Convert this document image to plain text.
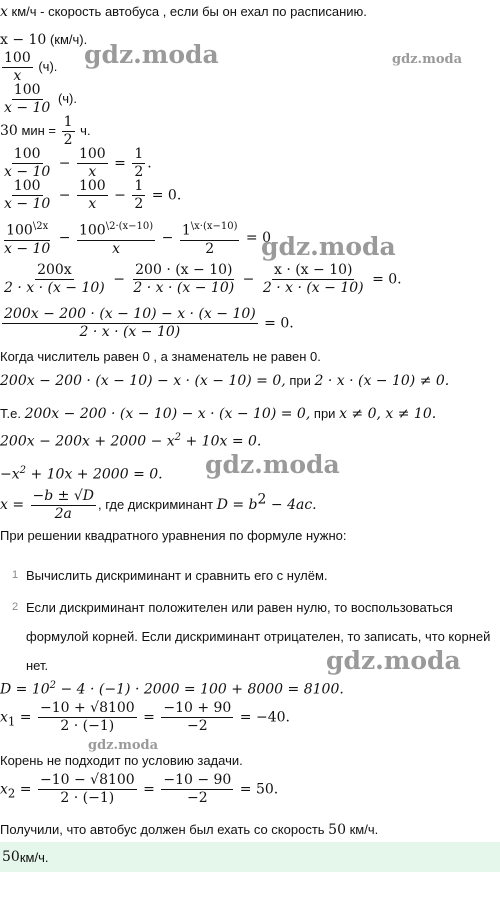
x км/ч - скорость автобуса , если бы он ехал по расписанию.
x − 10 (км/ч).
$\frac{100}{x} (ч)$.
$\frac{100}{x - 10} (ч)$.
30 мин = $\frac{1}{2} ч$.
$\frac{100}{x - 10} - \frac{100}{x} = \frac{1}{2}$ .
$\frac{100}{x - 10} - \frac{100}{x} - \frac{1}{2} = 0$.
$\frac{100^{\backslash 2x}}{x - 10} - \frac{100^{\backslash 2\cdot(x-10)}}{x} - \frac{1^{\backslash x\cdot(x-10)}}{2} = 0$
$\frac{200x}{2 \cdot x \cdot (x - 10)} - \frac{200 \cdot (x - 10)}{2 \cdot x \cdot (x - 10)} - \frac{x \cdot (x - 10)}{2 \cdot x \cdot (x - 10)} = 0$.
$\frac{200x - 200 \cdot (x - 10) - x \cdot (x - 10)}{2 \cdot x \cdot (x - 10)} = 0$.
Когда числитель равен 0 , а знаменатель не равен 0.
200x − 200 · (x − 10) − x · (x − 10) = 0, при 2 · x · (x − 10) ≠ 0.
Т.е. 200x − 200 · (x − 10) − x · (x − 10) = 0, при x ≠ 0, x ≠ 10.
$200x - 200x + 2000 - x^2 + 10x = 0$.
$-x^2 + 10x + 2000 = 0$.
$x = \frac{-b \pm √D}{2a}$ , где дискриминант $D = b^2 - 4ac$.
При решении квадратного уравнения по формуле нужно:
1 Вычислить дискриминант и сравнить его с нулём.
2 Если дискриминант положителен или равен нулю, то воспользоваться формулой корней. Если дискриминант отрицателен, то записать, что корней нет.
$D = 10^2 - 4 \cdot (-1) \cdot 2000 = 100 + 8000 = 8100$.
$x_1 = \frac{-10 + √8100}{2 \cdot (-1)} = \frac{-10 + 90}{-2} = -40$.
Корень не подходит по условию задачи.
$x_2 = \frac{-10 - √8100}{2 \cdot (-1)} = \frac{-10 - 90}{-2} = 50$.
Получили, что автобус должен был ехать со скорость 50 км/ч.
50 км/ч.
gdz.moda	gdz.moda
gdz.moda
gdz.moda
gdz.moda
gdz.moda
